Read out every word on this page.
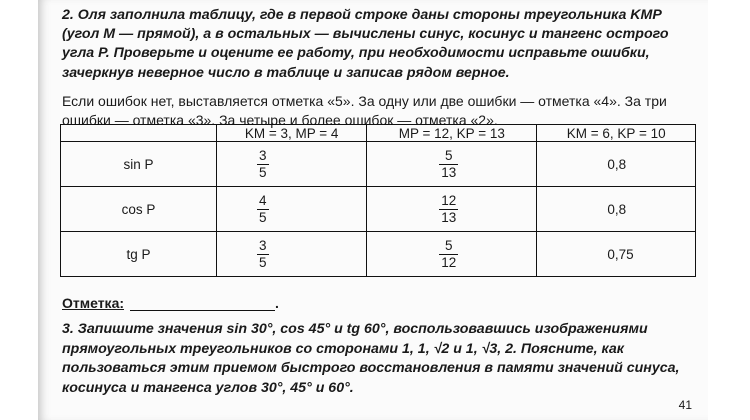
2. Оля заполнила таблицу, где в первой строке даны стороны треугольника KMP (угол M — прямой), а в остальных — вычислены синус, косинус и тангенс острого угла P. Проверьте и оцените ее работу, при необходимости исправьте ошибки, зачеркнув неверное число в таблице и записав рядом верное.
Если ошибок нет, выставляется отметка «5». За одну или две ошибки — отметка «4». За три ошибки — отметка «3». За четыре и более ошибок — отметка «2».
	KM = 3, MP = 4	MP = 12, KP = 13	KM = 6, KP = 10
sin P	$\frac{3}{5}$	$\frac{5}{13}$	0,8
cos P	$\frac{4}{5}$	$\frac{12}{13}$	0,8
tg P	$\frac{3}{5}$	$\frac{5}{12}$	0,75
Отметка:	.
3. Запишите значения sin 30°, cos 45° и tg 60°, воспользовавшись изображениями прямоугольных треугольников со сторонами 1, 1, √2 и 1, √3, 2. Поясните, как пользоваться этим приемом быстрого восстановления в памяти значений синуса, косинуса и тангенса углов 30°, 45° и 60°.
41
